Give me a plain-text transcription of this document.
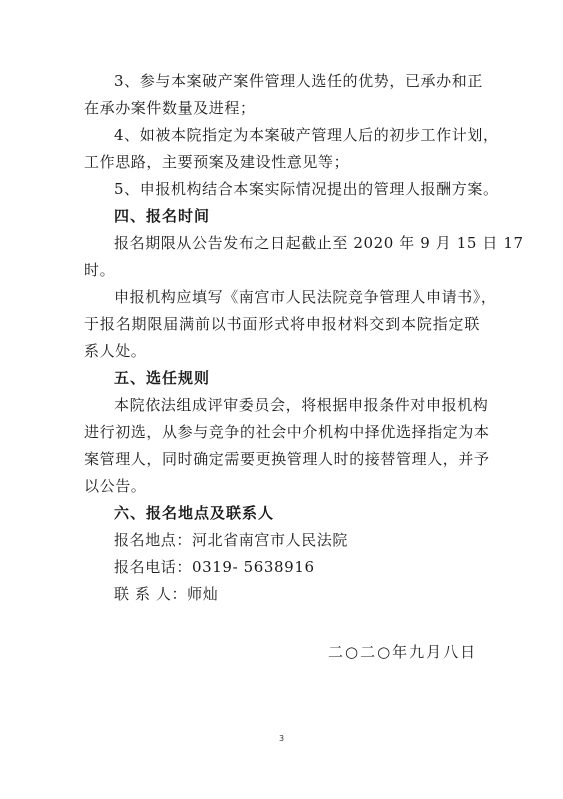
3、参与本案破产案件管理人选任的优势，已承办和正
在承办案件数量及进程；
4、如被本院指定为本案破产管理人后的初步工作计划，
工作思路，主要预案及建设性意见等；
5、申报机构结合本案实际情况提出的管理人报酬方案。
四、报名时间
报名期限从公告发布之日起截止至 2020 年 9 月 15 日 17
时。
申报机构应填写《南宫市人民法院竞争管理人申请书》，
于报名期限届满前以书面形式将申报材料交到本院指定联
系人处。
五、选任规则
本院依法组成评审委员会，将根据申报条件对申报机构
进行初选，从参与竞争的社会中介机构中择优选择指定为本
案管理人，同时确定需要更换管理人时的接替管理人，并予
以公告。
六、报名地点及联系人
报名地点：河北省南宫市人民法院
报名电话：0319- 5638916
联 系 人：师灿
二○二○年九月八日
3
